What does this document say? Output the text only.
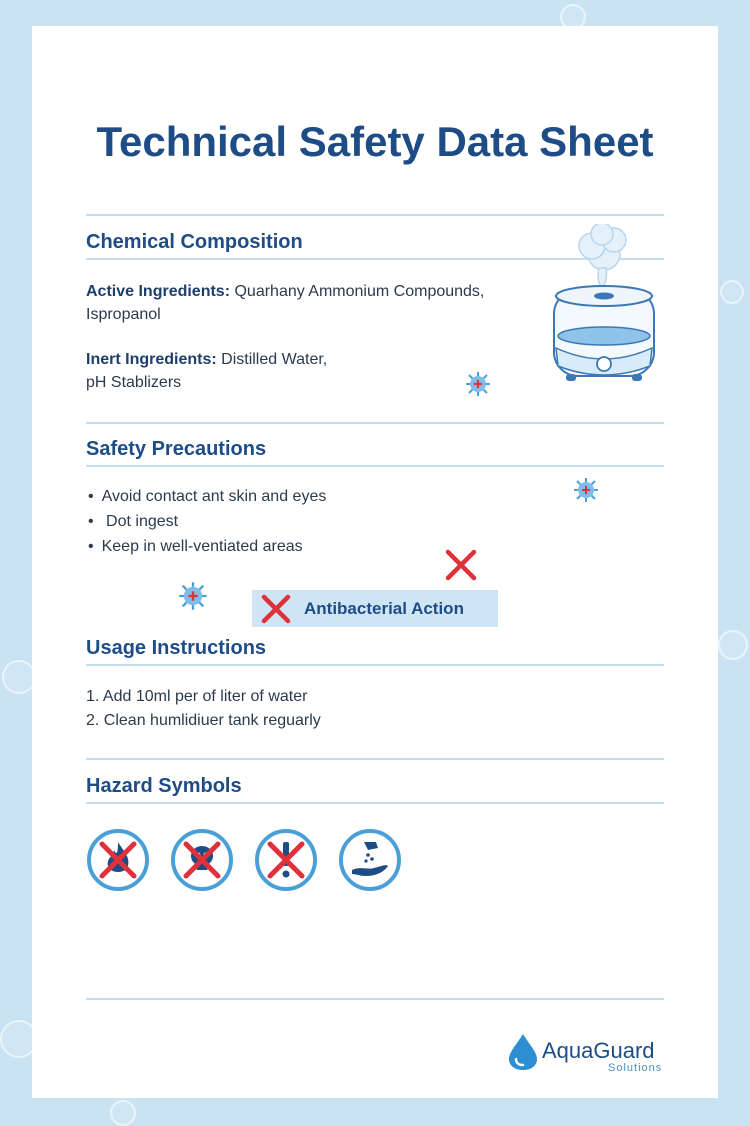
Technical Safety Data Sheet
Chemical Composition
Active Ingredients: Quarhany Ammonium Compounds,
Ispropanol
Inert Ingredients: Distilled Water,
pH Stablizers
Safety Precautions
• Avoid contact ant skin and eyes
• Dot ingest
• Keep in well-ventiated areas
Antibacterial Action
Usage Instructions
1. Add 10ml per of liter of water
2. Clean humlidiuer tank reguarly
Hazard Symbols
AquaGuard
Solutions
